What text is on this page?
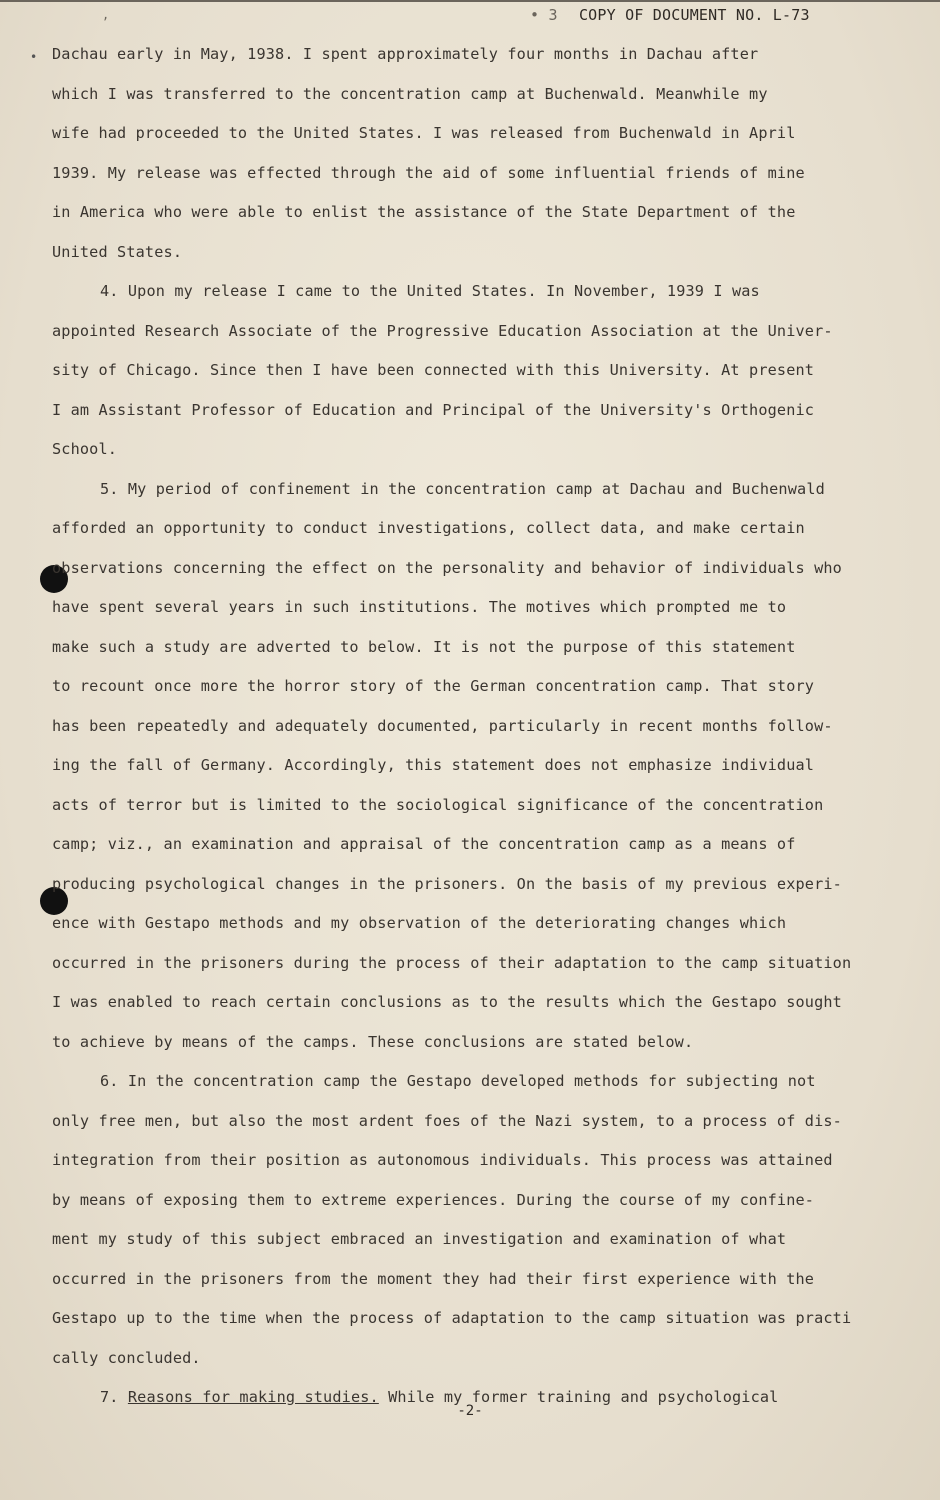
,	• 3 COPY OF DOCUMENT NO. L-73
• Dachau early in May, 1938. I spent approximately four months in Dachau after
which I was transferred to the concentration camp at Buchenwald. Meanwhile my
wife had proceeded to the United States. I was released from Buchenwald in April
1939. My release was effected through the aid of some influential friends of mine
in America who were able to enlist the assistance of the State Department of the
United States.
4. Upon my release I came to the United States. In November, 1939 I was
appointed Research Associate of the Progressive Education Association at the Univer-
sity of Chicago. Since then I have been connected with this University. At present
I am Assistant Professor of Education and Principal of the University's Orthogenic
School.
5. My period of confinement in the concentration camp at Dachau and Buchenwald
afforded an opportunity to conduct investigations, collect data, and make certain
observations concerning the effect on the personality and behavior of individuals who
have spent several years in such institutions. The motives which prompted me to
make such a study are adverted to below. It is not the purpose of this statement
to recount once more the horror story of the German concentration camp. That story
has been repeatedly and adequately documented, particularly in recent months follow-
ing the fall of Germany. Accordingly, this statement does not emphasize individual
acts of terror but is limited to the sociological significance of the concentration
camp; viz., an examination and appraisal of the concentration camp as a means of
producing psychological changes in the prisoners. On the basis of my previous experi-
ence with Gestapo methods and my observation of the deteriorating changes which
occurred in the prisoners during the process of their adaptation to the camp situation
I was enabled to reach certain conclusions as to the results which the Gestapo sought
to achieve by means of the camps. These conclusions are stated below.
6. In the concentration camp the Gestapo developed methods for subjecting not
only free men, but also the most ardent foes of the Nazi system, to a process of dis-
integration from their position as autonomous individuals. This process was attained
by means of exposing them to extreme experiences. During the course of my confine-
ment my study of this subject embraced an investigation and examination of what
occurred in the prisoners from the moment they had their first experience with the
Gestapo up to the time when the process of adaptation to the camp situation was practi
cally concluded.
7. Reasons for making studies. While my former training and psychological
-2-
